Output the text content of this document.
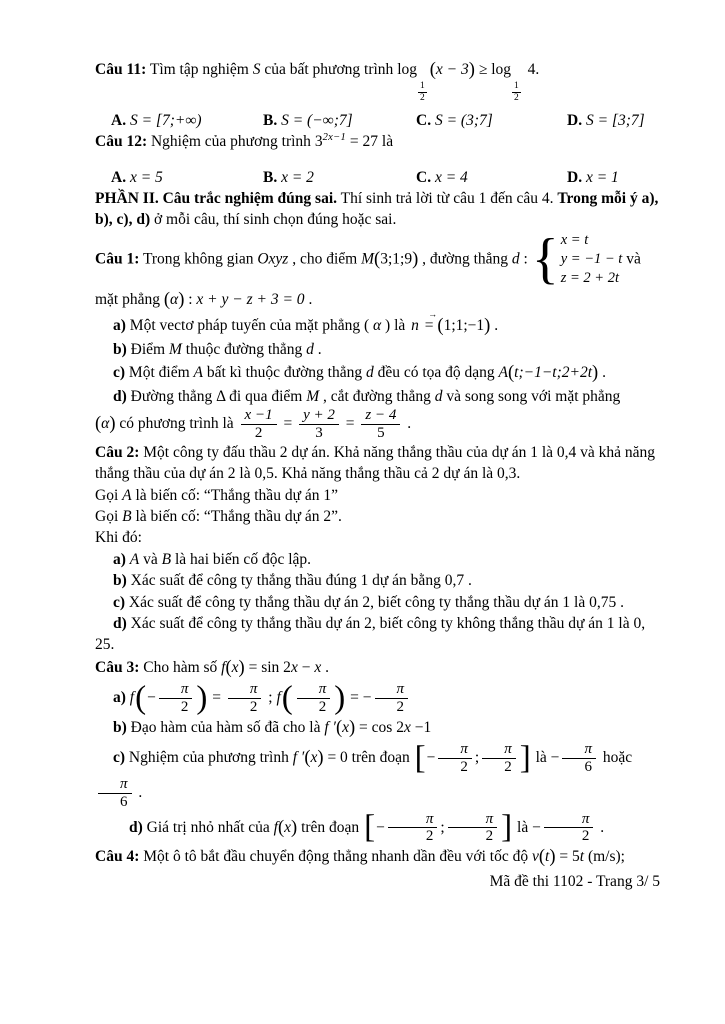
Câu 11: Tìm tập nghiệm S của bất phương trình log
$\frac{1}{2}$
(x − 3) ≥ log
$\frac{1}{2}$
4.

A. S = [7;+∞)	B. S = (−∞;7]	C. S = (3;7]	D. S = [3;7]

Câu 12: Nghiệm của phương trình $3^{2x-1} = 27$ là

A. x = 5	B. x = 2	C. x = 4	D. x = 1

PHẦN II. Câu trắc nghiệm đúng sai. Thí sinh trả lời từ câu 1 đến câu 4. Trong mỗi ý a), b), c), d) ở mỗi câu, thí sinh chọn đúng hoặc sai.

Câu 1: Trong không gian Oxyz , cho điểm M(3;1;9) , đường thẳng d : { x = t
y = −1 − t
z = 2 + 2t
và

mặt phẳng (α) : x + y − z + 3 = 0 .

a) Một vectơ pháp tuyến của mặt phẳng ( α ) là
→
n = (1;1;−1) .

b) Điểm M thuộc đường thẳng d .

c) Một điểm A bất kì thuộc đường thẳng d đều có tọa độ dạng A(t;−1−t;2+2t) .

d) Đường thẳng Δ đi qua điểm M , cắt đường thẳng d và song song với mặt phẳng

(α) có phương trình là $\frac{x -1}{2} = \frac{y + 2}{3} = \frac{z - 4}{5}$ .

Câu 2: Một công ty đấu thầu 2 dự án. Khả năng thắng thầu của dự án 1 là 0,4 và khả năng thắng thầu của dự án 2 là 0,5. Khả năng thắng thầu cả 2 dự án là 0,3.

Gọi A là biến cố: “Thắng thầu dự án 1”

Gọi B là biến cố: “Thắng thầu dự án 2”.

Khi đó:

a) A và B là hai biến cố độc lập.

b) Xác suất để công ty thắng thầu đúng 1 dự án bằng 0,7 .

c) Xác suất để công ty thắng thầu dự án 2, biết công ty thắng thầu dự án 1 là 0,75 .

d) Xác suất để công ty thắng thầu dự án 2, biết công ty không thắng thầu dự án 1 là 0, 25.

Câu 3: Cho hàm số f(x) = sin 2x − x .

a) $f(- \frac{\pi}{2}$ ) = $\frac{\pi}{2}$ ; $f( \frac{\pi}{2}$ ) = − $\frac{\pi}{2}$

b) Đạo hàm của hàm số đã cho là f ′(x) = cos 2x −1

c) Nghiệm của phương trình f ′(x) = 0 trên đoạn [− $\frac{\pi}{2}$ ; $\frac{\pi}{2}$ ] là − $\frac{\pi}{6}$ hoặc
$\frac{\pi}{6}$ .

d) Giá trị nhỏ nhất của f(x) trên đoạn [− $\frac{\pi}{2}$ ; $\frac{\pi}{2}$ ] là − $\frac{\pi}{2}$ .

Câu 4: Một ô tô bắt đầu chuyển động thẳng nhanh dần đều với tốc độ v(t) = 5t (m/s);

Mã đề thi 1102 - Trang 3/ 5
